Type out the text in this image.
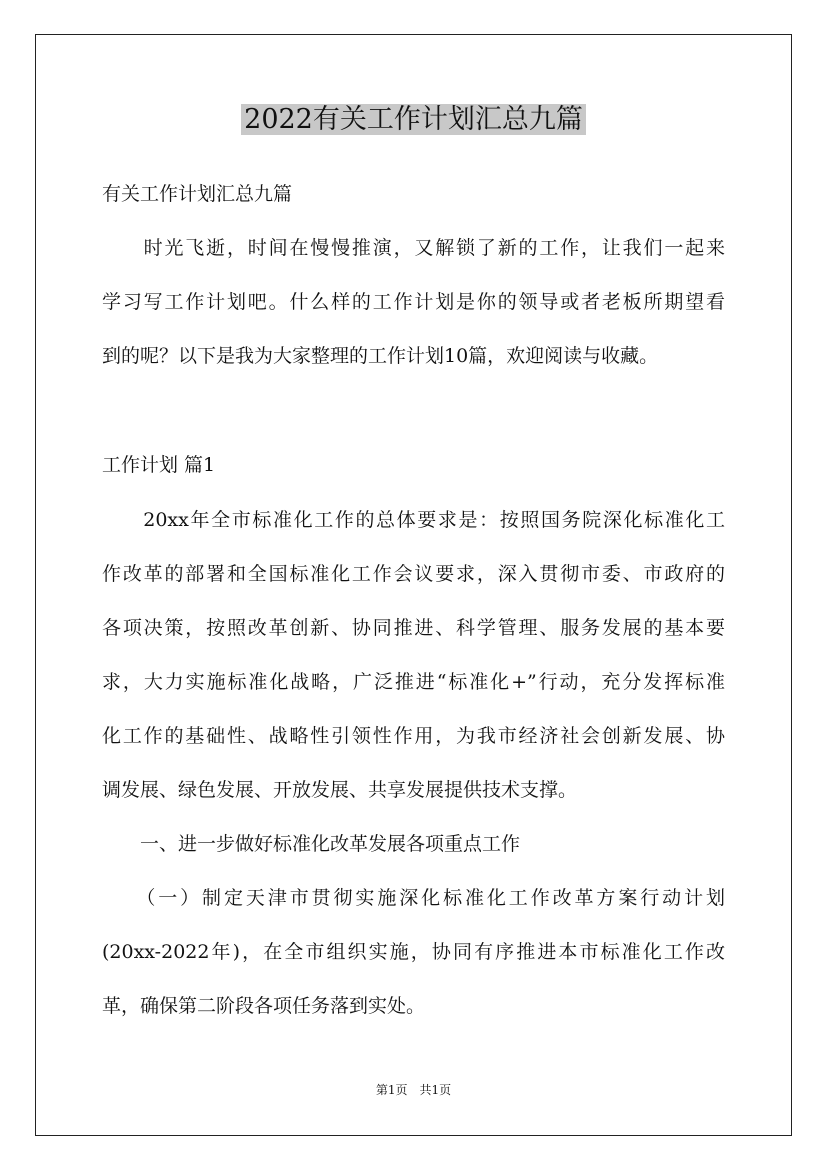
2022有关工作计划汇总九篇
有关工作计划汇总九篇
　　时光飞逝，时间在慢慢推演，又解锁了新的工作，让我们一起来
学习写工作计划吧。什么样的工作计划是你的领导或者老板所期望看
到的呢？以下是我为大家整理的工作计划10篇，欢迎阅读与收藏。
工作计划 篇1
　　20xx年全市标准化工作的总体要求是：按照国务院深化标准化工
作改革的部署和全国标准化工作会议要求，深入贯彻市委、市政府的
各项决策，按照改革创新、协同推进、科学管理、服务发展的基本要
求，大力实施标准化战略，广泛推进“标准化+”行动，充分发挥标准
化工作的基础性、战略性引领性作用，为我市经济社会创新发展、协
调发展、绿色发展、开放发展、共享发展提供技术支撑。
　　一、进一步做好标准化改革发展各项重点工作
　　（一）制定天津市贯彻实施深化标准化工作改革方案行动计划
(20xx-2022年)，在全市组织实施，协同有序推进本市标准化工作改
革，确保第二阶段各项任务落到实处。
第1页　共1页
